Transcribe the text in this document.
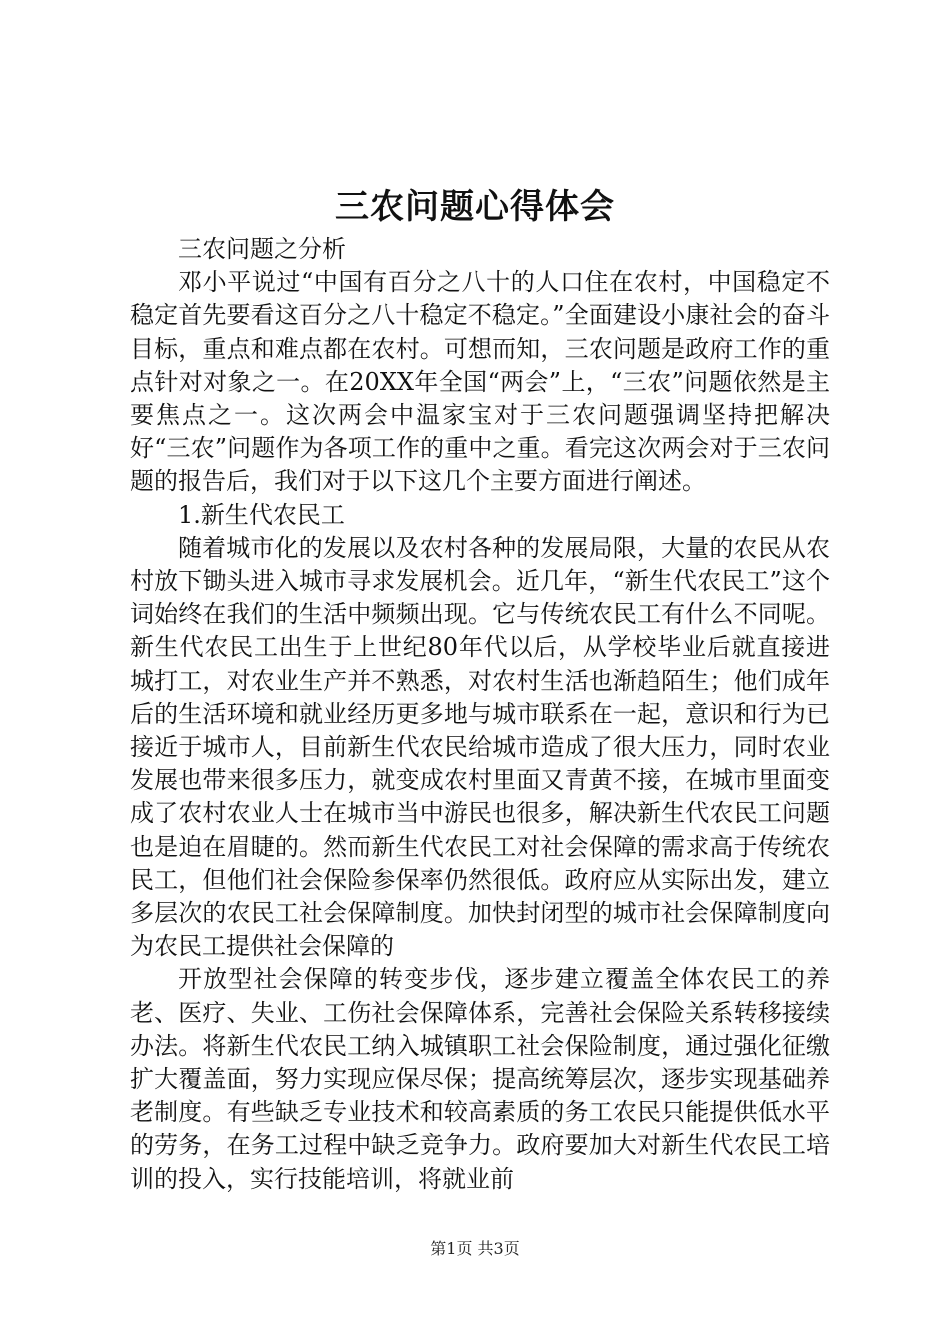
三农问题心得体会

三农问题之分析

邓小平说过“中国有百分之八十的人口住在农村，中国稳定不稳定首先要看这百分之八十稳定不稳定。”全面建设小康社会的奋斗目标，重点和难点都在农村。可想而知，三农问题是政府工作的重点针对对象之一。在20XX年全国“两会”上，“三农”问题依然是主要焦点之一。这次两会中温家宝对于三农问题强调坚持把解决好“三农”问题作为各项工作的重中之重。看完这次两会对于三农问题的报告后，我们对于以下这几个主要方面进行阐述。

1.新生代农民工

随着城市化的发展以及农村各种的发展局限，大量的农民从农村放下锄头进入城市寻求发展机会。近几年，“新生代农民工”这个词始终在我们的生活中频频出现。它与传统农民工有什么不同呢。新生代农民工出生于上世纪80年代以后，从学校毕业后就直接进城打工，对农业生产并不熟悉，对农村生活也渐趋陌生；他们成年后的生活环境和就业经历更多地与城市联系在一起，意识和行为已接近于城市人，目前新生代农民给城市造成了很大压力，同时农业发展也带来很多压力，就变成农村里面又青黄不接，在城市里面变成了农村农业人士在城市当中游民也很多，解决新生代农民工问题也是迫在眉睫的。然而新生代农民工对社会保障的需求高于传统农民工，但他们社会保险参保率仍然很低。政府应从实际出发，建立多层次的农民工社会保障制度。加快封闭型的城市社会保障制度向为农民工提供社会保障的

开放型社会保障的转变步伐，逐步建立覆盖全体农民工的养老、医疗、失业、工伤社会保障体系，完善社会保险关系转移接续办法。将新生代农民工纳入城镇职工社会保险制度，通过强化征缴扩大覆盖面，努力实现应保尽保；提高统筹层次，逐步实现基础养老制度。有些缺乏专业技术和较高素质的务工农民只能提供低水平的劳务，在务工过程中缺乏竞争力。政府要加大对新生代农民工培训的投入，实行技能培训，将就业前

第1页 共3页
